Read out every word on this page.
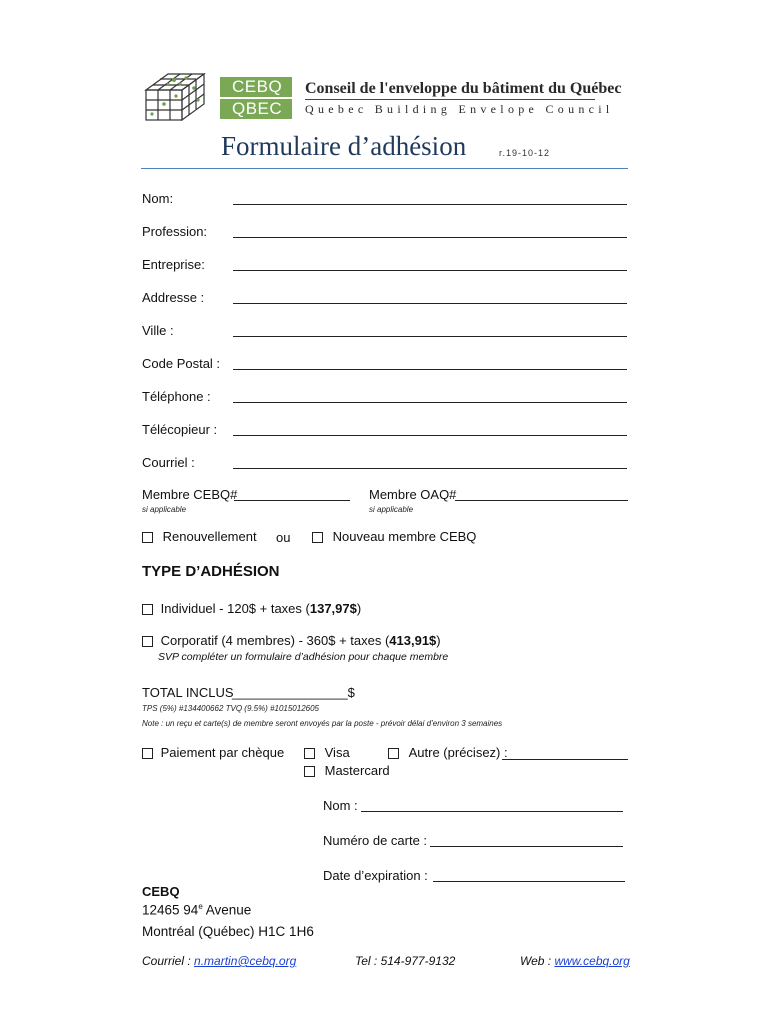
CEBQ
QBEC
Conseil de l'enveloppe du bâtiment du Québec
Quebec Building Envelope Council
Formulaire d’adhésion	r.19-10-12
Nom:
Profession:
Entreprise:
Addresse :
Ville :
Code Postal :
Téléphone :
Télécopieur :
Courriel :
Membre CEBQ#
si applicable
Membre OAQ#
si applicable
Renouvellement ou	Nouveau membre CEBQ
TYPE D’ADHÉSION
Individuel - 120$ + taxes (137,97$)
Corporatif (4 membres) - 360$ + taxes (413,91$)
SVP compléter un formulaire d’adhésion pour chaque membre
TOTAL INCLUS
________________$
TPS (5%) #134400662 TVQ (9.5%) #1015012605
Note : un reçu et carte(s) de membre seront envoyés par la poste - prévoir délai d’environ 3 semaines
Paiement par chèque	Visa
Mastercard
Autre (précisez) :
Nom :
Numéro de carte :
Date d’expiration :
CEBQ
12465 94e Avenue
Montréal (Québec) H1C 1H6
Courriel : n.martin@cebq.org	Tel : 514-977-9132	Web : www.cebq.org
